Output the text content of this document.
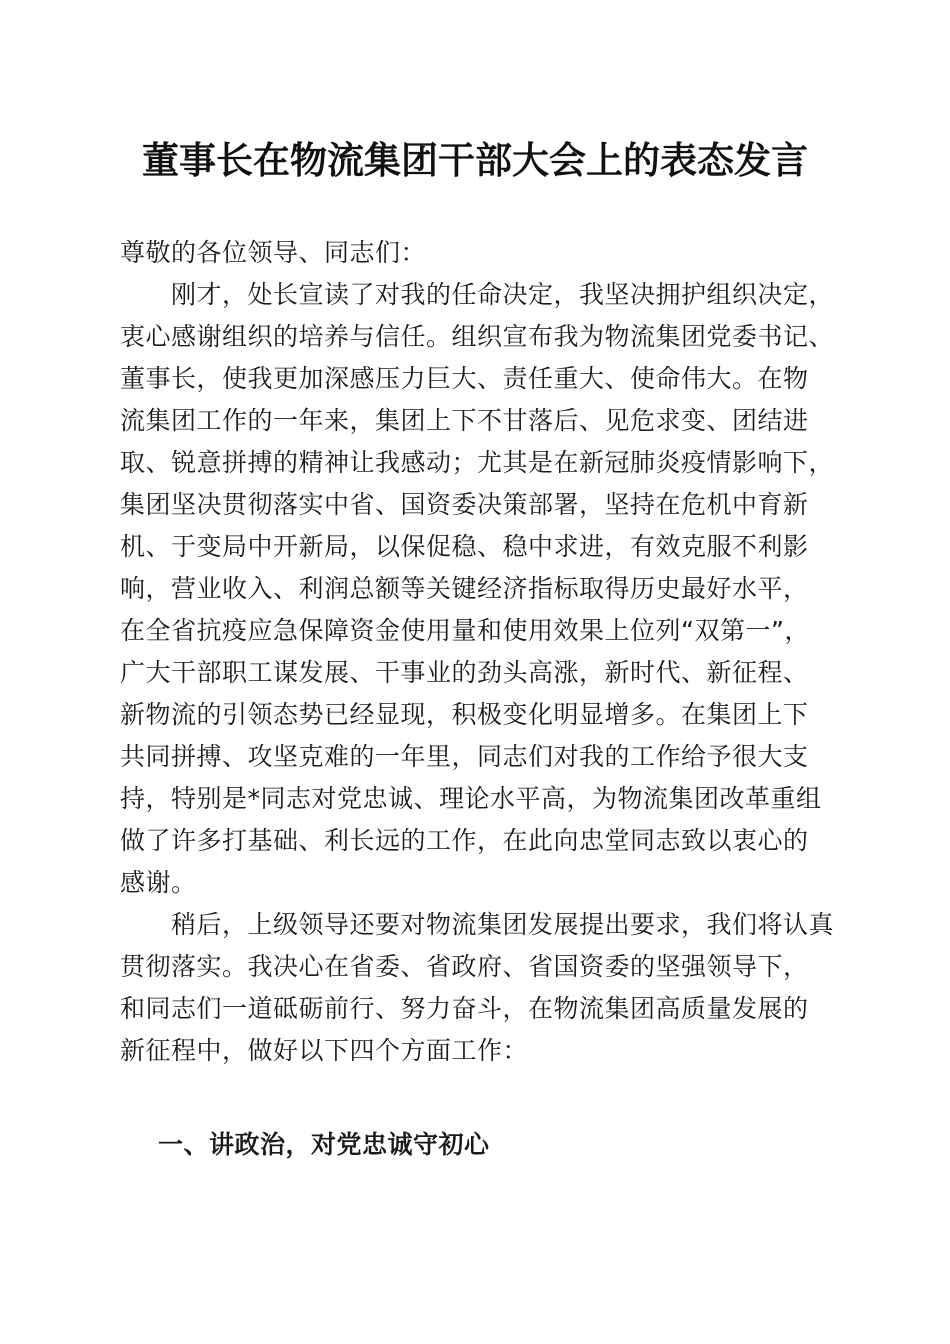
董事长在物流集团干部大会上的表态发言
尊敬的各位领导、同志们：
　　刚才，处长宣读了对我的任命决定，我坚决拥护组织决定，
衷心感谢组织的培养与信任。组织宣布我为物流集团党委书记、
董事长，使我更加深感压力巨大、责任重大、使命伟大。在物
流集团工作的一年来，集团上下不甘落后、见危求变、团结进
取、锐意拼搏的精神让我感动；尤其是在新冠肺炎疫情影响下，
集团坚决贯彻落实中省、国资委决策部署，坚持在危机中育新
机、于变局中开新局，以保促稳、稳中求进，有效克服不利影
响，营业收入、利润总额等关键经济指标取得历史最好水平，
在全省抗疫应急保障资金使用量和使用效果上位列“双第一”，
广大干部职工谋发展、干事业的劲头高涨，新时代、新征程、
新物流的引领态势已经显现，积极变化明显增多。在集团上下
共同拼搏、攻坚克难的一年里，同志们对我的工作给予很大支
持，特别是*同志对党忠诚、理论水平高，为物流集团改革重组
做了许多打基础、利长远的工作，在此向忠堂同志致以衷心的
感谢。
　　稍后，上级领导还要对物流集团发展提出要求，我们将认真
贯彻落实。我决心在省委、省政府、省国资委的坚强领导下，
和同志们一道砥砺前行、努力奋斗，在物流集团高质量发展的
新征程中，做好以下四个方面工作：
一、讲政治，对党忠诚守初心
